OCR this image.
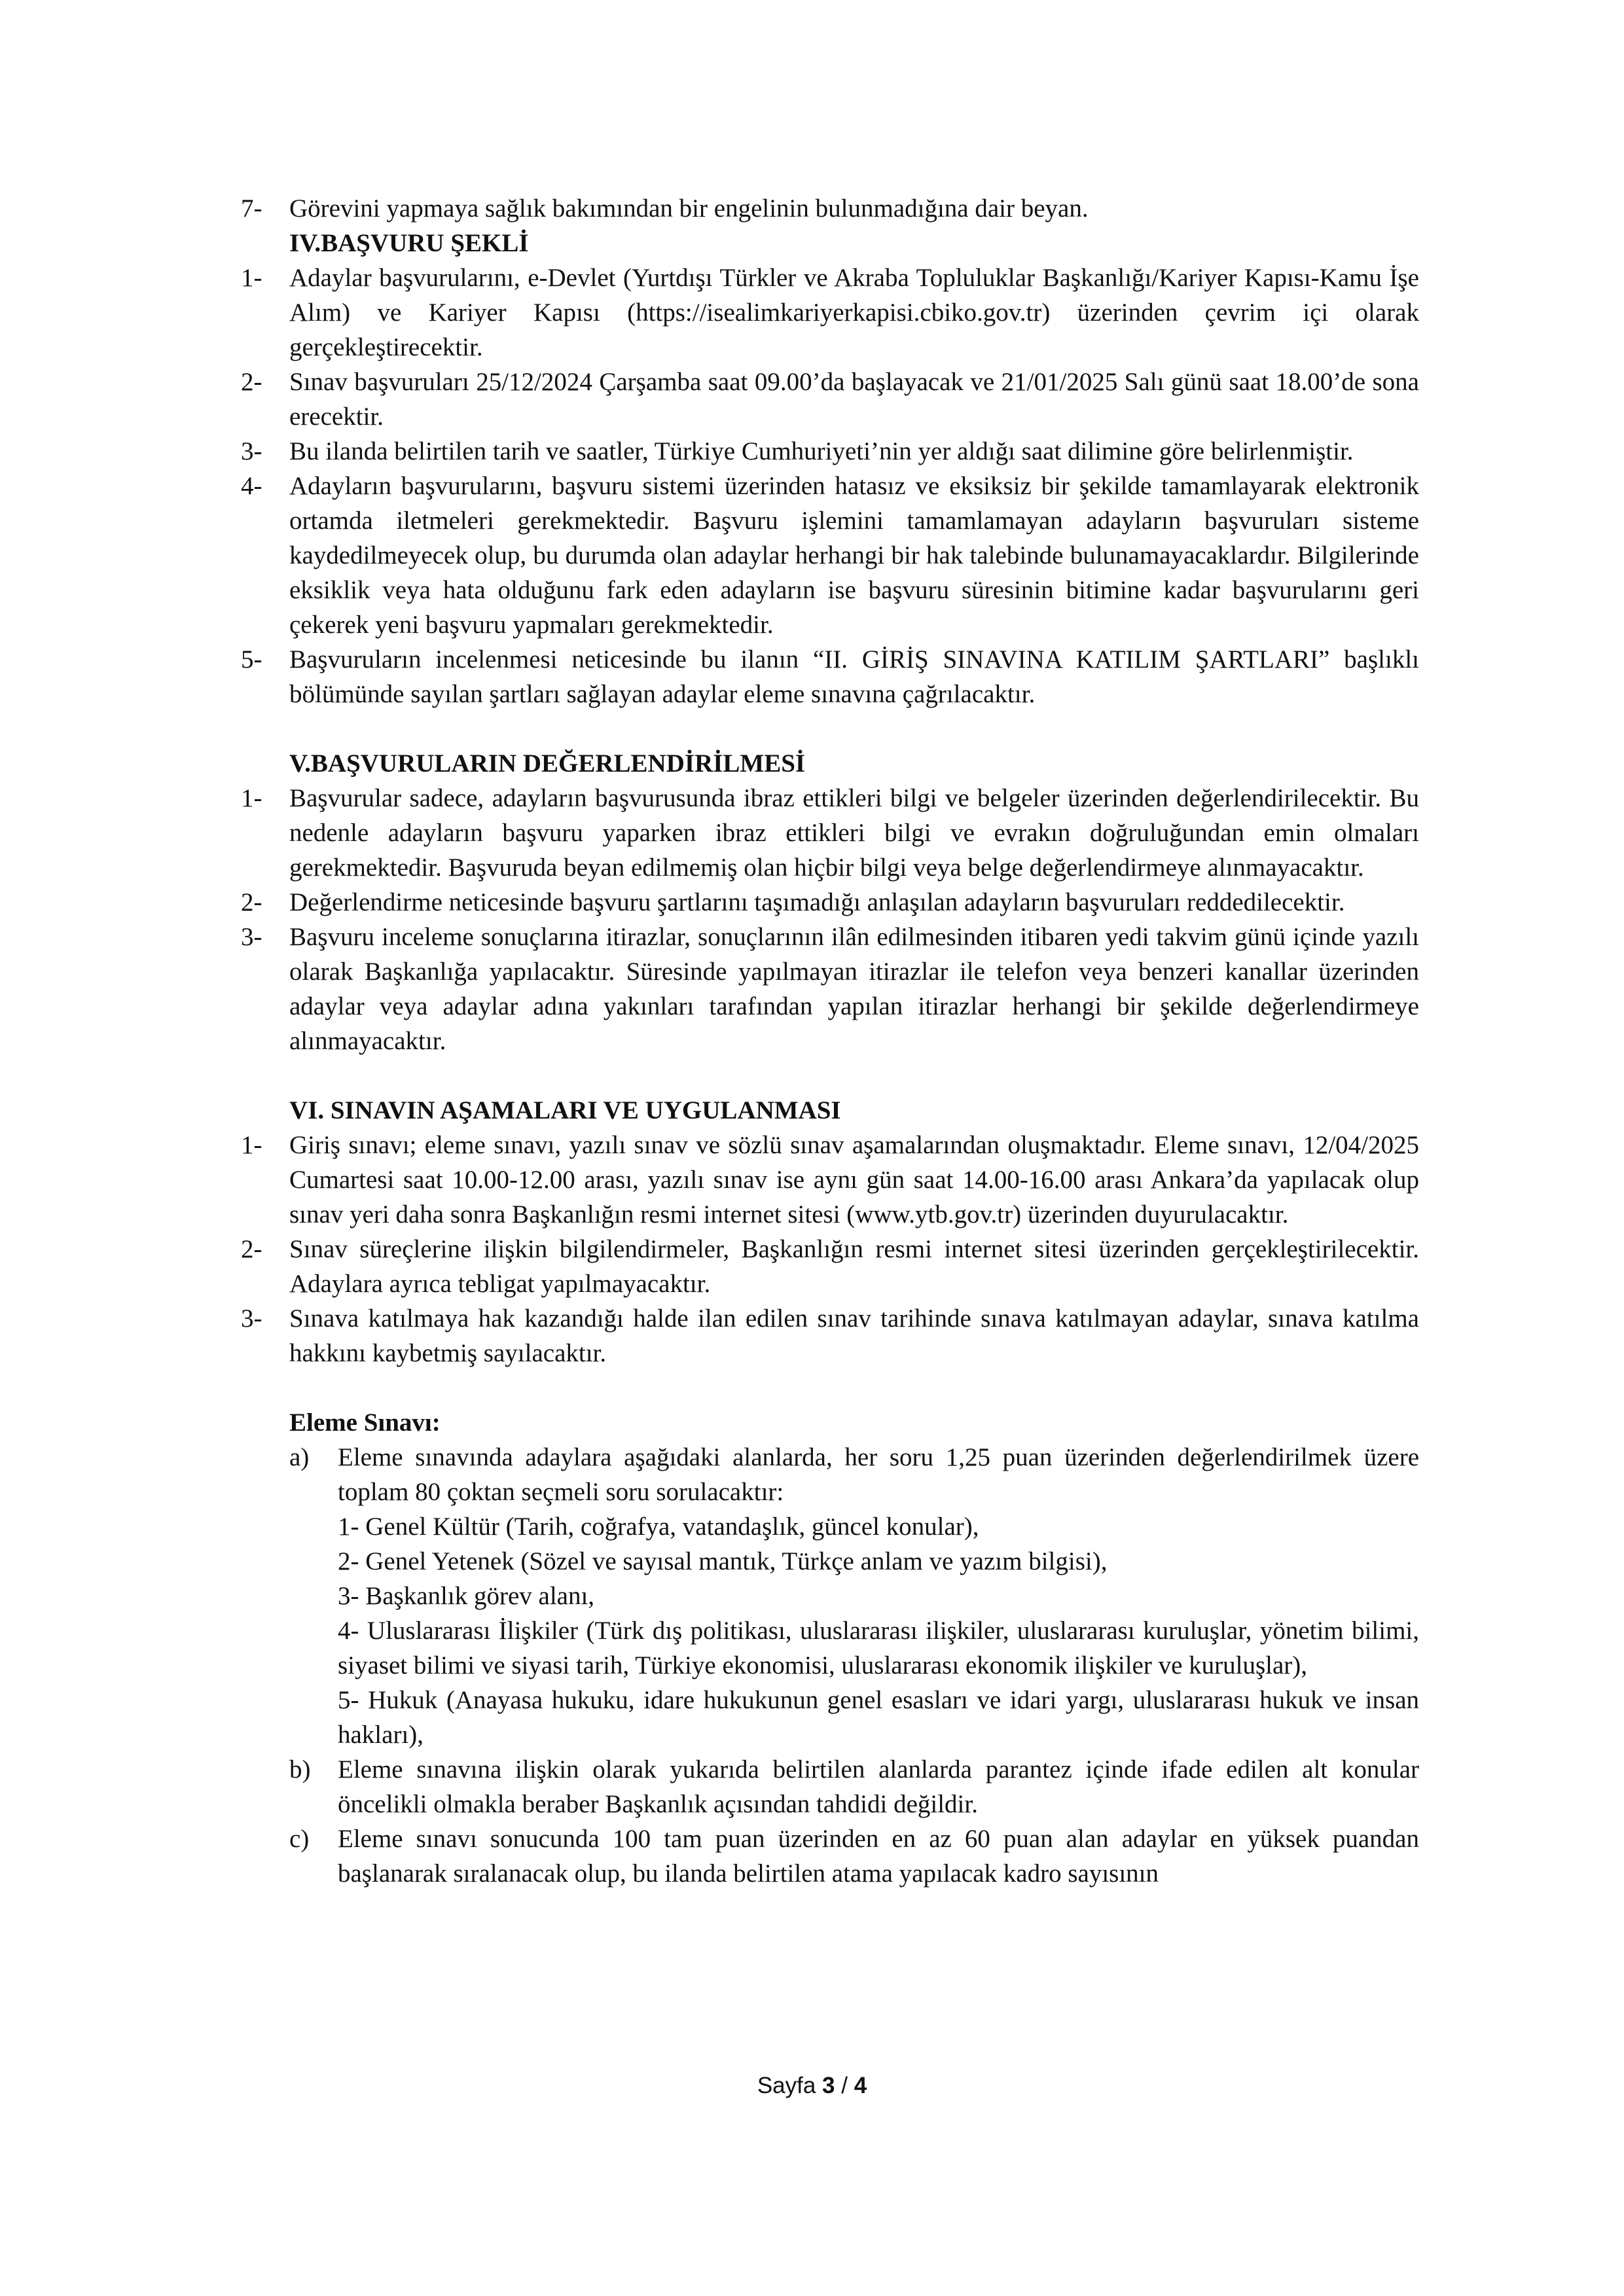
7-	Görevini yapmaya sağlık bakımından bir engelinin bulunmadığına dair beyan.
IV.BAŞVURU ŞEKLİ
1-	Adaylar başvurularını, e-Devlet (Yurtdışı Türkler ve Akraba Topluluklar Başkanlığı/Kariyer Kapısı-Kamu İşe Alım) ve Kariyer Kapısı (https://isealimkariyerkapisi.cbiko.gov.tr) üzerinden çevrim içi olarak gerçekleştirecektir.
2-	Sınav başvuruları 25/12/2024 Çarşamba saat 09.00’da başlayacak ve 21/01/2025 Salı günü saat 18.00’de sona erecektir.
3-	Bu ilanda belirtilen tarih ve saatler, Türkiye Cumhuriyeti’nin yer aldığı saat dilimine göre belirlenmiştir.
4-	Adayların başvurularını, başvuru sistemi üzerinden hatasız ve eksiksiz bir şekilde tamamlayarak elektronik ortamda iletmeleri gerekmektedir. Başvuru işlemini tamamlamayan adayların başvuruları sisteme kaydedilmeyecek olup, bu durumda olan adaylar herhangi bir hak talebinde bulunamayacaklardır. Bilgilerinde eksiklik veya hata olduğunu fark eden adayların ise başvuru süresinin bitimine kadar başvurularını geri çekerek yeni başvuru yapmaları gerekmektedir.
5-	Başvuruların incelenmesi neticesinde bu ilanın “II. GİRİŞ SINAVINA KATILIM ŞARTLARI” başlıklı bölümünde sayılan şartları sağlayan adaylar eleme sınavına çağrılacaktır.
V.BAŞVURULARIN DEĞERLENDİRİLMESİ
1-	Başvurular sadece, adayların başvurusunda ibraz ettikleri bilgi ve belgeler üzerinden değerlendirilecektir. Bu nedenle adayların başvuru yaparken ibraz ettikleri bilgi ve evrakın doğruluğundan emin olmaları gerekmektedir. Başvuruda beyan edilmemiş olan hiçbir bilgi veya belge değerlendirmeye alınmayacaktır.
2-	Değerlendirme neticesinde başvuru şartlarını taşımadığı anlaşılan adayların başvuruları reddedilecektir.
3-	Başvuru inceleme sonuçlarına itirazlar, sonuçlarının ilân edilmesinden itibaren yedi takvim günü içinde yazılı olarak Başkanlığa yapılacaktır. Süresinde yapılmayan itirazlar ile telefon veya benzeri kanallar üzerinden adaylar veya adaylar adına yakınları tarafından yapılan itirazlar herhangi bir şekilde değerlendirmeye alınmayacaktır.
VI. SINAVIN AŞAMALARI VE UYGULANMASI
1-	Giriş sınavı; eleme sınavı, yazılı sınav ve sözlü sınav aşamalarından oluşmaktadır. Eleme sınavı, 12/04/2025 Cumartesi saat 10.00-12.00 arası, yazılı sınav ise aynı gün saat 14.00-16.00 arası Ankara’da yapılacak olup sınav yeri daha sonra Başkanlığın resmi internet sitesi (www.ytb.gov.tr) üzerinden duyurulacaktır.
2-	Sınav süreçlerine ilişkin bilgilendirmeler, Başkanlığın resmi internet sitesi üzerinden gerçekleştirilecektir. Adaylara ayrıca tebligat yapılmayacaktır.
3-	Sınava katılmaya hak kazandığı halde ilan edilen sınav tarihinde sınava katılmayan adaylar, sınava katılma hakkını kaybetmiş sayılacaktır.
Eleme Sınavı:
a)	Eleme sınavında adaylara aşağıdaki alanlarda, her soru 1,25 puan üzerinden değerlendirilmek üzere toplam 80 çoktan seçmeli soru sorulacaktır:
1- Genel Kültür (Tarih, coğrafya, vatandaşlık, güncel konular),
2- Genel Yetenek (Sözel ve sayısal mantık, Türkçe anlam ve yazım bilgisi),
3- Başkanlık görev alanı,
4- Uluslararası İlişkiler (Türk dış politikası, uluslararası ilişkiler, uluslararası kuruluşlar, yönetim bilimi, siyaset bilimi ve siyasi tarih, Türkiye ekonomisi, uluslararası ekonomik ilişkiler ve kuruluşlar),
5- Hukuk (Anayasa hukuku, idare hukukunun genel esasları ve idari yargı, uluslararası hukuk ve insan hakları),
b)	Eleme sınavına ilişkin olarak yukarıda belirtilen alanlarda parantez içinde ifade edilen alt konular öncelikli olmakla beraber Başkanlık açısından tahdidi değildir.
c)	Eleme sınavı sonucunda 100 tam puan üzerinden en az 60 puan alan adaylar en yüksek puandan başlanarak sıralanacak olup, bu ilanda belirtilen atama yapılacak kadro sayısının
Sayfa 3 / 4
